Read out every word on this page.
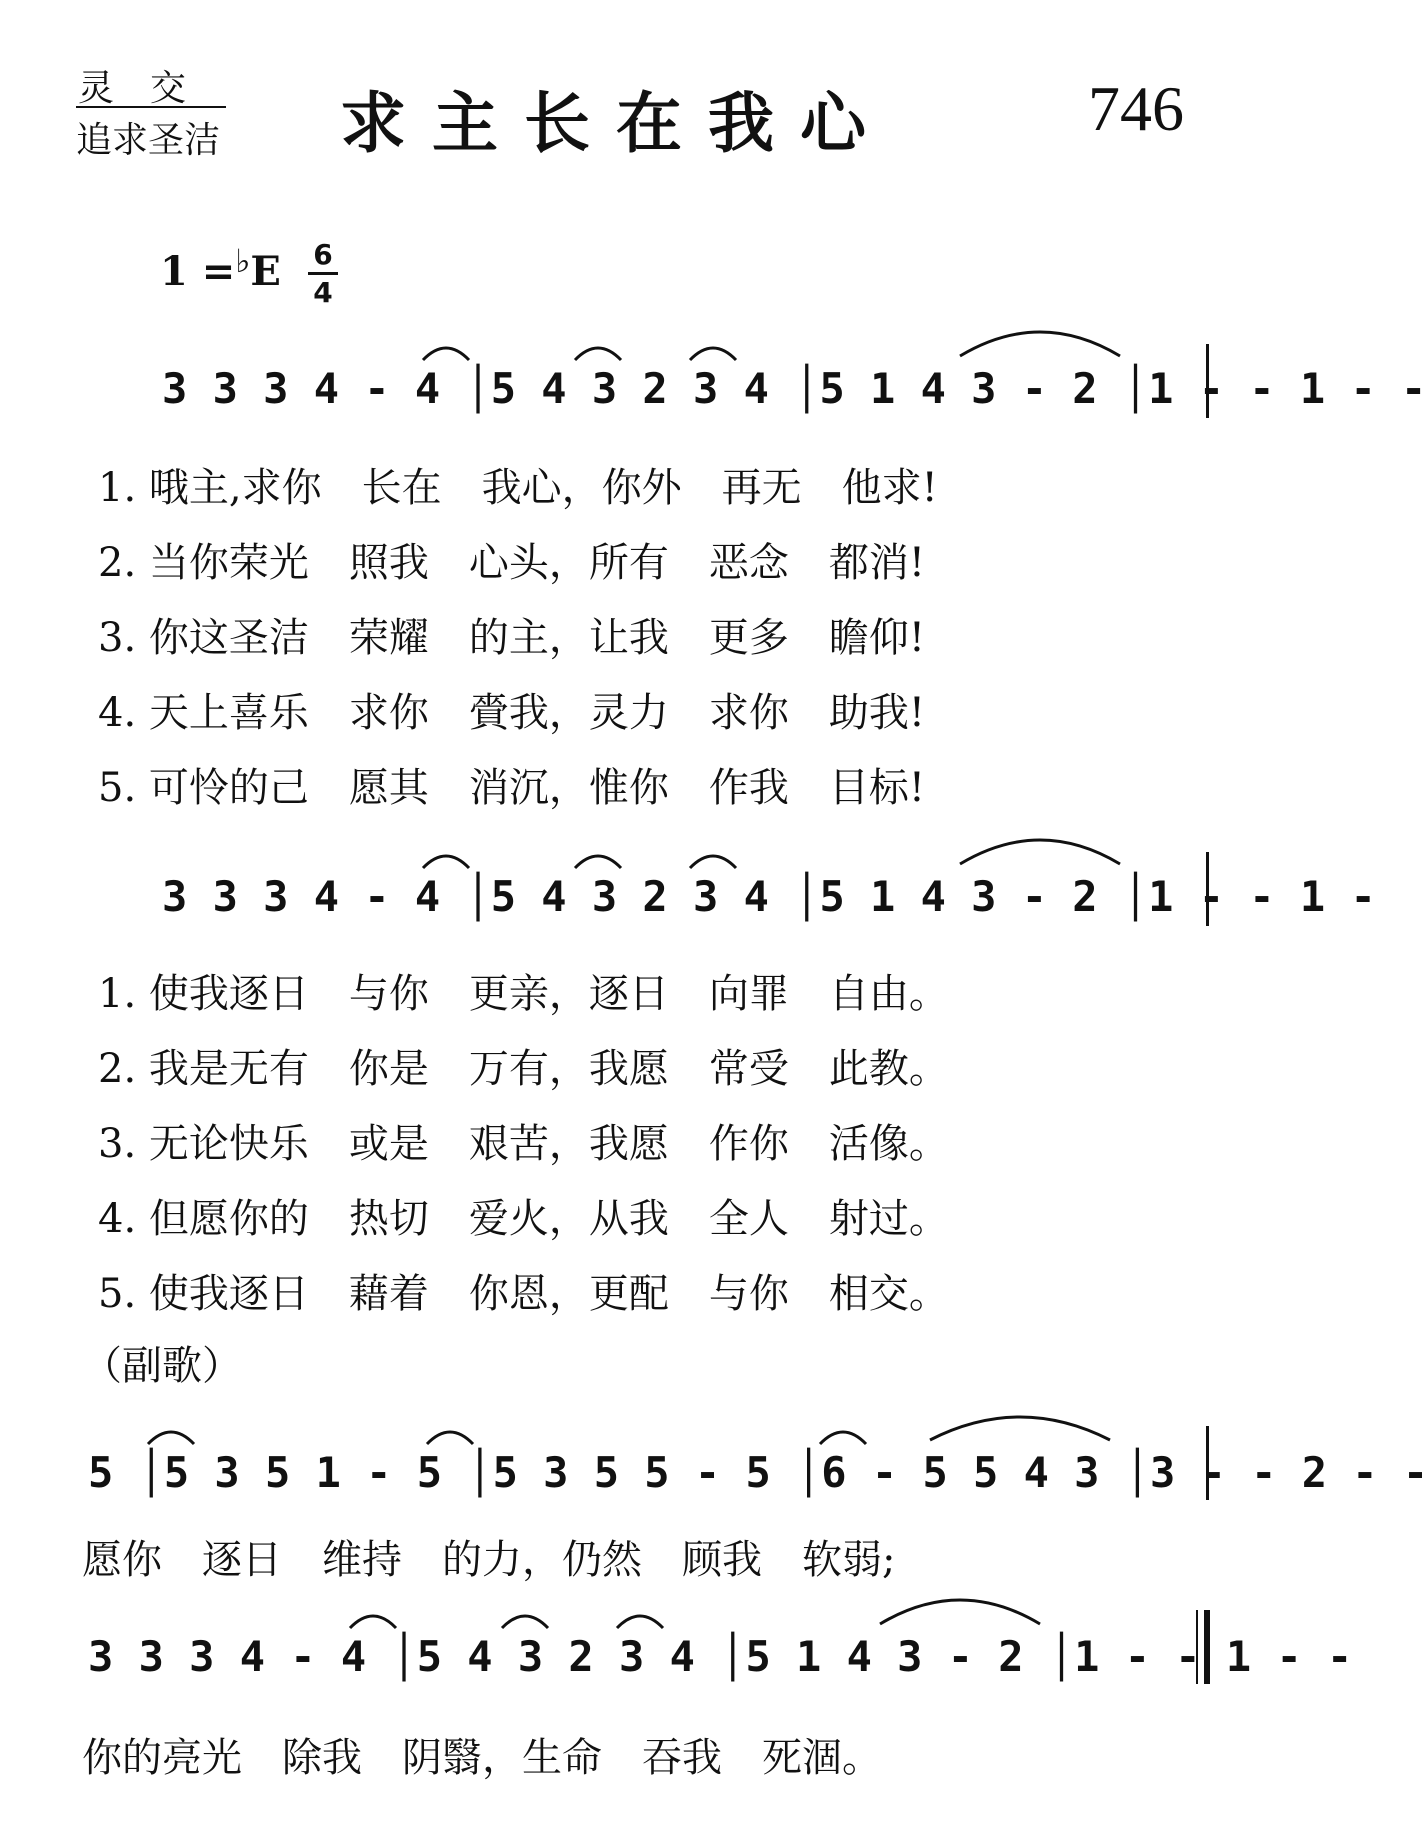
灵　交
追求圣洁 求主长在我心	746
1 =♭E 6
4
3 3 3 4 - 4 │5 4 3 2 3 4 │5 1 4 3 - 2 │1 - - 1 - -
1. 哦主,求你　长在　我心，你外　再无　他求!
2. 当你荣光　照我　心头，所有　恶念　都消!
3. 你这圣洁　荣耀　的主，让我　更多　瞻仰!
4. 天上喜乐　求你　賫我，灵力　求你　助我!
5. 可怜的己　愿其　消沉，惟你　作我　目标!
3 3 3 4 - 4 │5 4 3 2 3 4 │5 1 4 3 - 2 │1 - - 1 -
1. 使我逐日　与你　更亲，逐日　向罪　自由。
2. 我是无有　你是　万有，我愿　常受　此教。
3. 无论快乐　或是　艰苦，我愿　作你　活像。
4. 但愿你的　热切　爱火，从我　全人　射过。
5. 使我逐日　藉着　你恩，更配　与你　相交。
（副歌）
5 │5 3 5 1 - 5 │5 3 5 5 - 5 │6 - 5 5 4 3 │3 - - 2 - -
愿你　逐日　维持　的力，仍然　顾我　软弱;
3 3 3 4 - 4 │5 4 3 2 3 4 │5 1 4 3 - 2 │1 - - 1 - -
你的亮光　除我　阴翳，生命　吞我　死涸。
